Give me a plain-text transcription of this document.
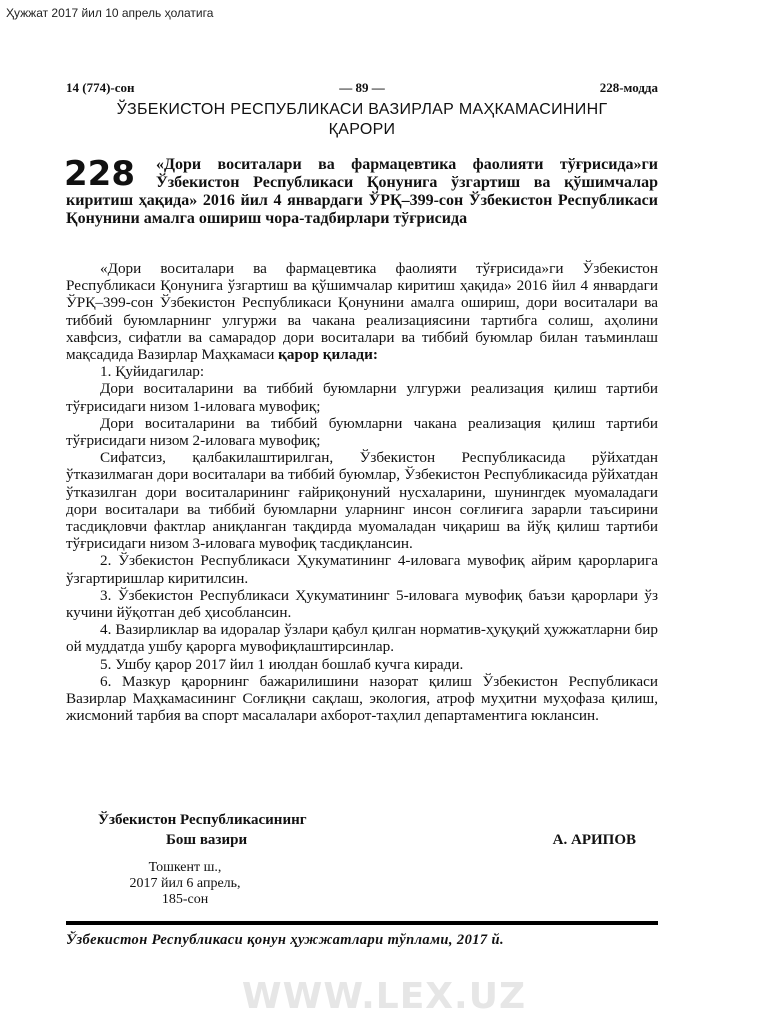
Ҳужжат 2017 йил 10 апрель ҳолатига
14 (774)-сон	— 89 —	228-модда
ЎЗБЕКИСТОН РЕСПУБЛИКАСИ ВАЗИРЛАР МАҲКАМАСИНИНГ
ҚАРОРИ
228	«Дори воситалари ва фармацевтика фаолияти тўғрисида»ги Ўзбекистон Республикаси Қонунига ўзгартиш ва қўшимчалар киритиш ҳақида» 2016 йил 4 январдаги ЎРҚ–399-сон Ўзбекистон Республикаси Қонунини амалга ошириш чора-тадбирлари тўғрисида

«Дори воситалари ва фармацевтика фаолияти тўғрисида»ги Ўзбекистон Республикаси Қонунига ўзгартиш ва қўшимчалар киритиш ҳақида» 2016 йил 4 январдаги ЎРҚ–399-сон Ўзбекистон Республикаси Қонунини амалга ошириш, дори воситалари ва тиббий буюмларнинг улгуржи ва чакана реализациясини тартибга солиш, аҳолини хавфсиз, сифатли ва самарадор дори воситалари ва тиббий буюмлар билан таъминлаш мақсадида Вазирлар Маҳкамаси қарор қилади:

1. Қуйидагилар:

Дори воситаларини ва тиббий буюмларни улгуржи реализация қилиш тартиби тўғрисидаги низом 1-иловага мувофиқ;

Дори воситаларини ва тиббий буюмларни чакана реализация қилиш тартиби тўғрисидаги низом 2-иловага мувофиқ;

Сифатсиз, қалбакилаштирилган, Ўзбекистон Республикасида рўйхатдан ўтказилмаган дори воситалари ва тиббий буюмлар, Ўзбекистон Республикасида рўйхатдан ўтказилган дори воситаларининг ғайриқонуний нусхаларини, шунингдек муомаладаги дори воситалари ва тиббий буюмларни уларнинг инсон соғлиғига зарарли таъсирини тасдиқловчи фактлар аниқланган тақдирда муомаладан чиқариш ва йўқ қилиш тартиби тўғрисидаги низом 3-иловага мувофиқ тасдиқлансин.

2. Ўзбекистон Республикаси Ҳукуматининг 4-иловага мувофиқ айрим қарорларига ўзгартиришлар киритилсин.

3. Ўзбекистон Республикаси Ҳукуматининг 5-иловага мувофиқ баъзи қарорлари ўз кучини йўқотган деб ҳисоблансин.

4. Вазирликлар ва идоралар ўзлари қабул қилган норматив-ҳуқуқий ҳужжатларни бир ой муддатда ушбу қарорга мувофиқлаштирсинлар.

5. Ушбу қарор 2017 йил 1 июлдан бошлаб кучга киради.

6. Мазкур қарорнинг бажарилишини назорат қилиш Ўзбекистон Республикаси Вазирлар Маҳкамасининг Соғлиқни сақлаш, экология, атроф муҳитни муҳофаза қилиш, жисмоний тарбия ва спорт масалалари ахборот-таҳлил департаментига юклансин.

Ўзбекистон Республикасининг
Бош вазири	А. АРИПОВ
Тошкент ш.,
2017 йил 6 апрель,
185-сон
Ўзбекистон Республикаси қонун ҳужжатлари тўплами, 2017 й.
WWW.LEX.UZ
